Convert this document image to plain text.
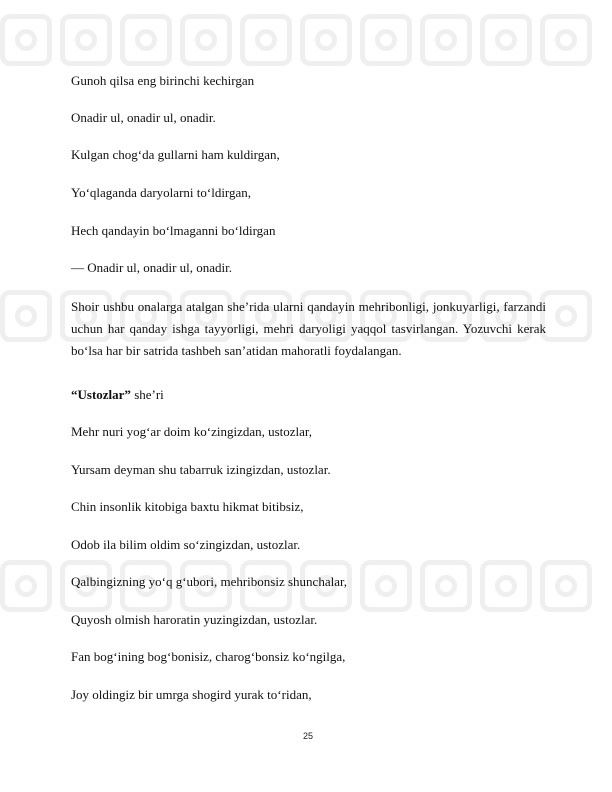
Gunoh qilsa eng birinchi kechirgan
Onadir ul, onadir ul, onadir.
Kulgan chog‘da gullarni ham kuldirgan,
Yo‘qlaganda daryolarni to‘ldirgan,
Hech qandayin bo‘lmaganni bo‘ldirgan
— Onadir ul, onadir ul, onadir.
Shoir ushbu onalarga atalgan she’rida ularni qandayin mehribonligi, jonkuyarligi, farzandi uchun har qanday ishga tayyorligi, mehri daryoligi yaqqol tasvirlangan. Yozuvchi kerak bo‘lsa har bir satrida tashbeh san’atidan mahoratli foydalangan.
“Ustozlar” she’ri
Mehr nuri yog‘ar doim ko‘zingizdan, ustozlar,
Yursam deyman shu tabarruk izingizdan, ustozlar.
Chin insonlik kitobiga baxtu hikmat bitibsiz,
Odob ila bilim oldim so‘zingizdan, ustozlar.
Qalbingizning yo‘q g‘ubori, mehribonsiz shunchalar,
Quyosh olmish haroratin yuzingizdan, ustozlar.
Fan bog‘ining bog‘bonisiz, charog‘bonsiz ko‘ngilga,
Joy oldingiz bir umrga shogird yurak to‘ridan,
25
